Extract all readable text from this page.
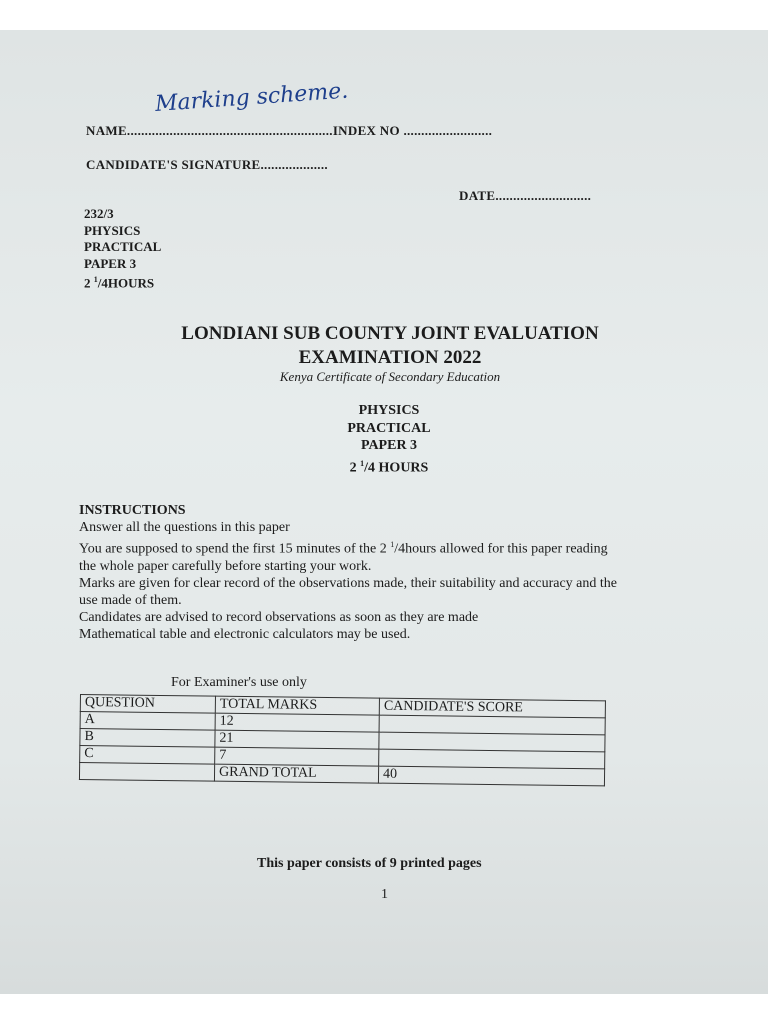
NAME..........................................................INDEX NO .........................
Marking scheme.
CANDIDATE'S SIGNATURE...................
DATE...........................
232/3
PHYSICS
PRACTICAL
PAPER 3
2 $^1$/4HOURS
LONDIANI SUB COUNTY JOINT EVALUATION
EXAMINATION 2022
Kenya Certificate of Secondary Education
PHYSICS
PRACTICAL
PAPER 3
2 $^1$/4 HOURS
INSTRUCTIONS
Answer all the questions in this paper
You are supposed to spend the first 15 minutes of the 2 $^1$/4hours allowed for this paper reading
the whole paper carefully before starting your work.
Marks are given for clear record of the observations made, their suitability and accuracy and the
use made of them.
Candidates are advised to record observations as soon as they are made
Mathematical table and electronic calculators may be used.
For Examiner's use only
QUESTION	TOTAL MARKS	CANDIDATE'S SCORE
A	12	
B	21	
C	7	
	GRAND TOTAL	40
This paper consists of 9 printed pages
1
